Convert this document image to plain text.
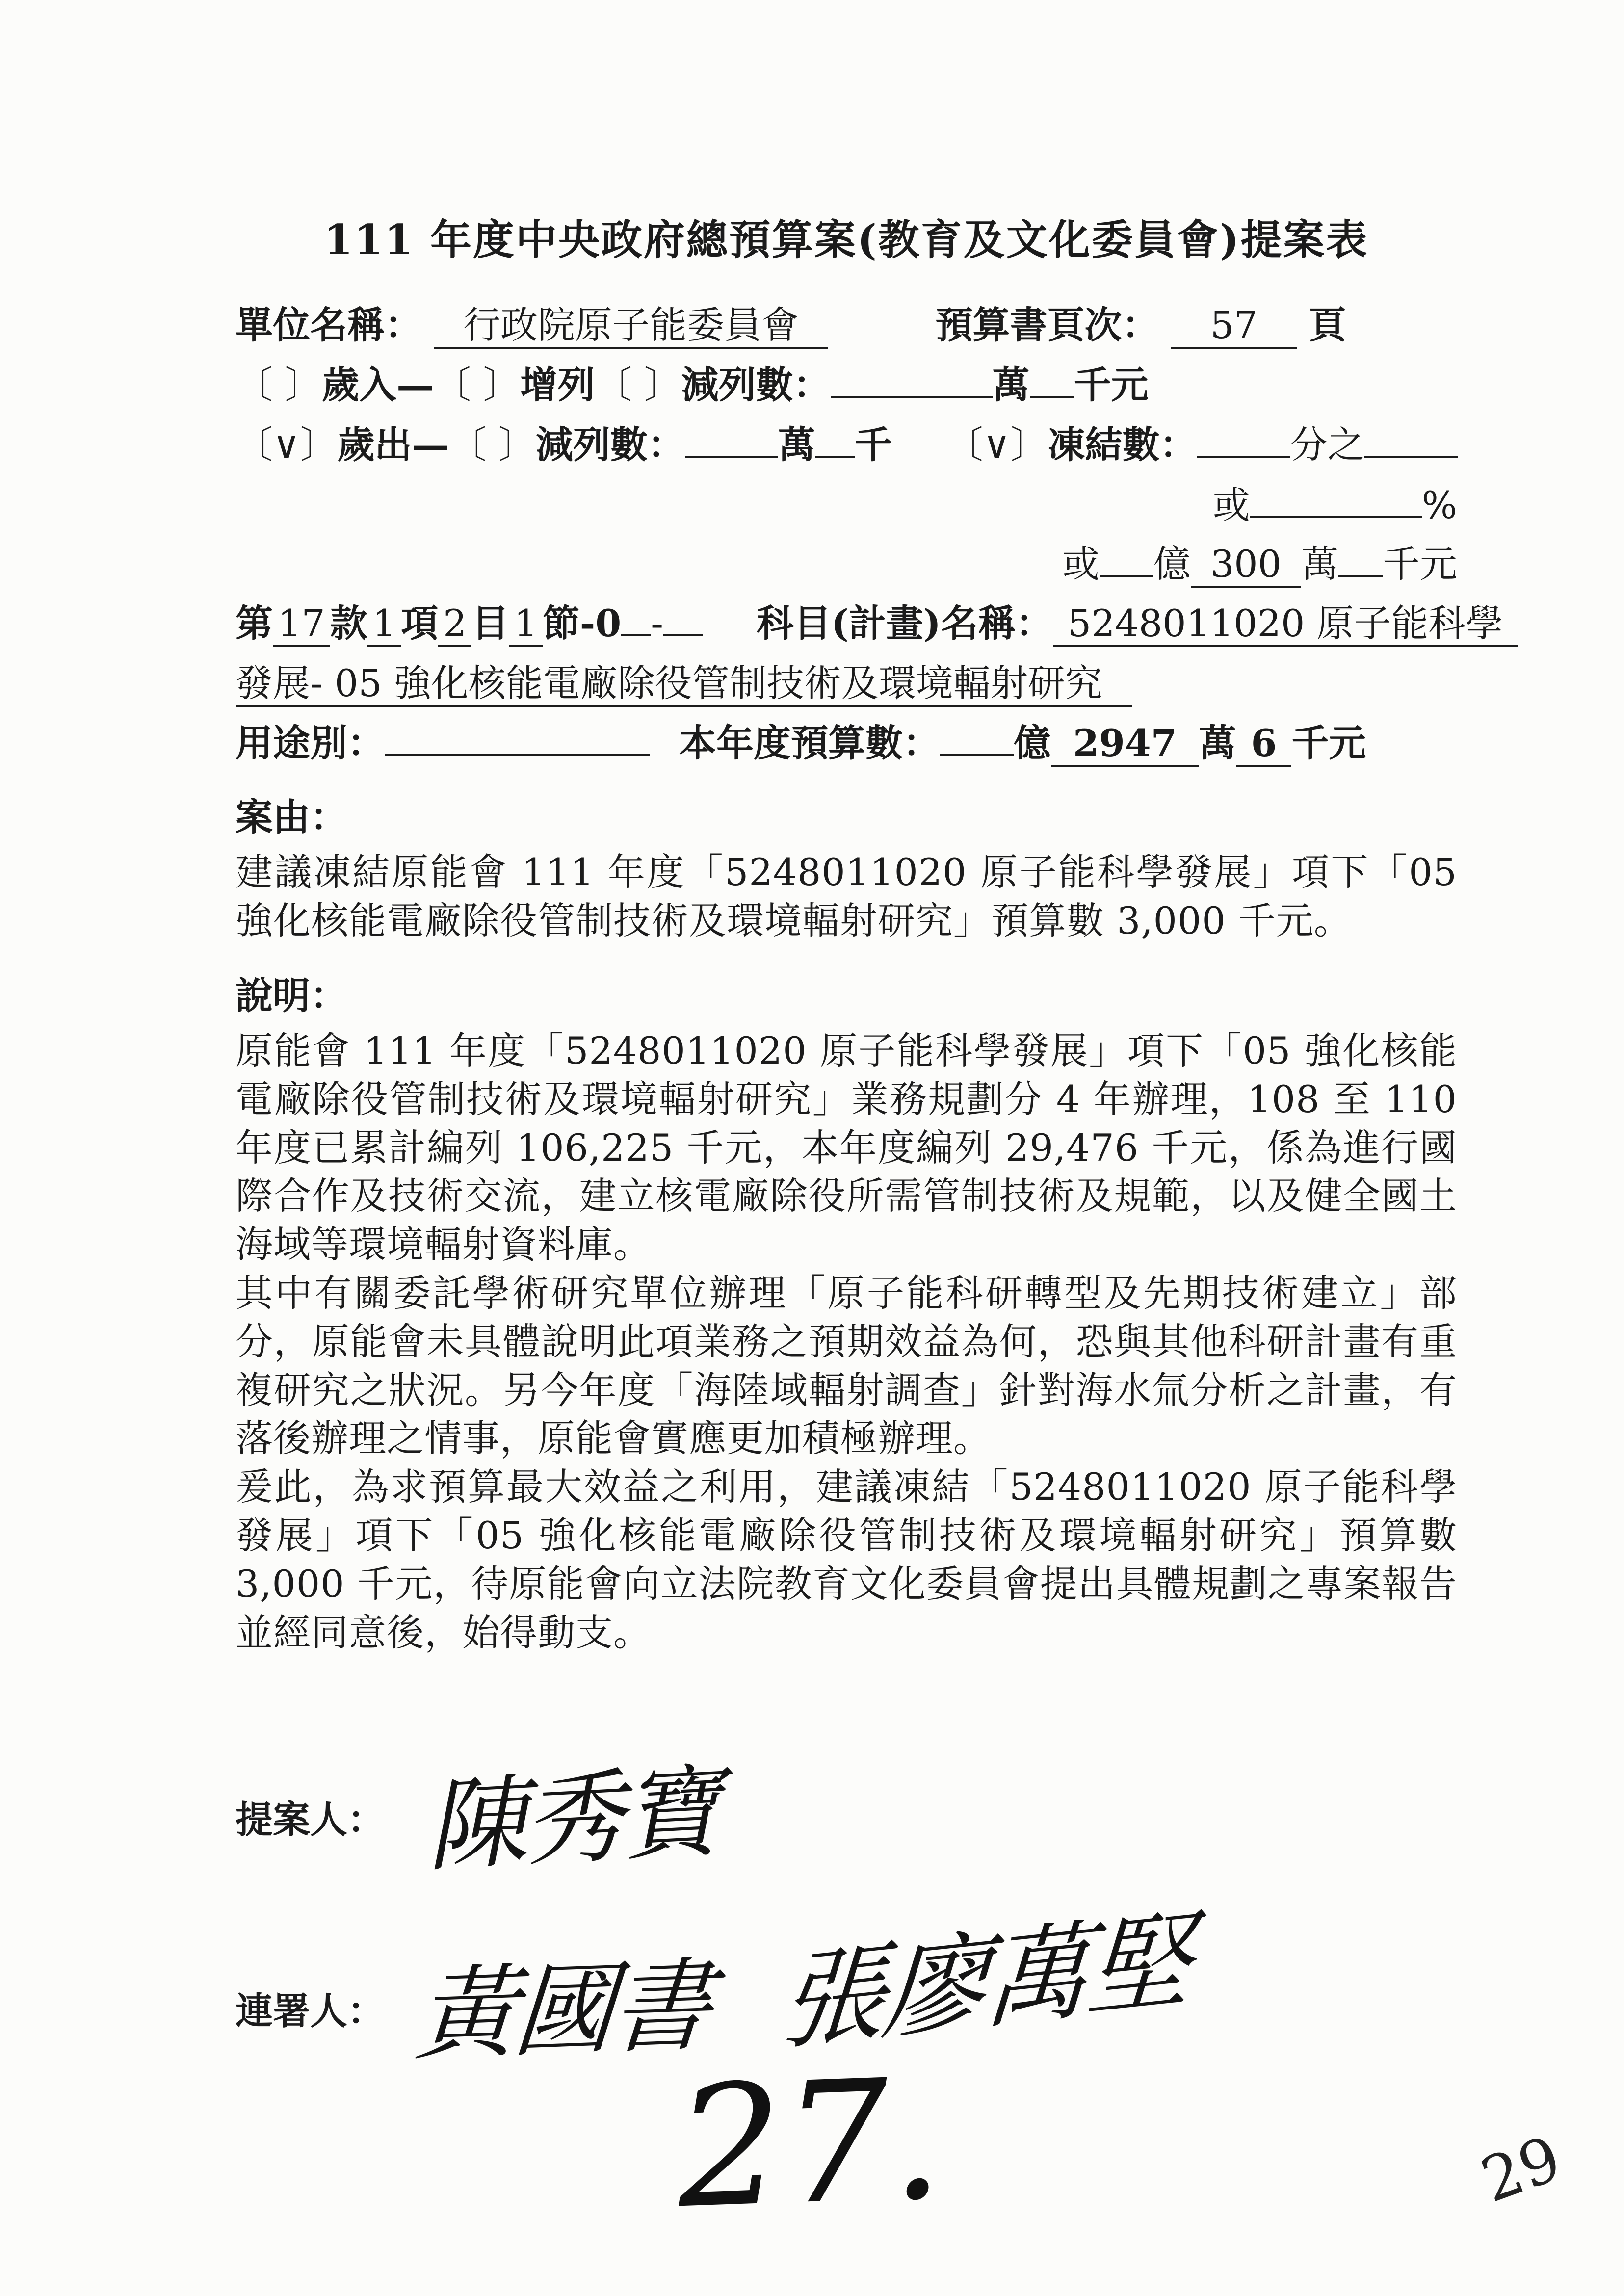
111 年度中央政府總預算案(教育及文化委員會)提案表
單位名稱： 行政院原子能委員會	預算書頁次： 57 頁
〔 〕歲入—〔 〕增列〔 〕減列數：	萬 千元
〔∨〕歲出—〔 〕減列數：	萬 千 〔∨〕凍結數：	分之
或	%
或 億 300 萬 千元
第 17 款 1 項 2 目 1 節-0 -	科目(計畫)名稱： 5248011020 原子能科學
發展- 05 強化核能電廠除役管制技術及環境輻射研究
用途別：	本年度預算數： 億 2947 萬 6 千元
案由：
建議凍結原能會 111 年度「5248011020 原子能科學發展」項下「05 強化核能電廠除役管制技術及環境輻射研究」預算數 3,000 千元。
說明：
原能會 111 年度「5248011020 原子能科學發展」項下「05 強化核能電廠除役管制技術及環境輻射研究」業務規劃分 4 年辦理，108 至 110 年度已累計編列 106,225 千元，本年度編列 29,476 千元，係為進行國際合作及技術交流，建立核電廠除役所需管制技術及規範，以及健全國土海域等環境輻射資料庫。
其中有關委託學術研究單位辦理「原子能科研轉型及先期技術建立」部分，原能會未具體說明此項業務之預期效益為何，恐與其他科研計畫有重複研究之狀況。另今年度「海陸域輻射調查」針對海水氚分析之計畫，有落後辦理之情事，原能會實應更加積極辦理。
爰此，為求預算最大效益之利用，建議凍結「5248011020 原子能科學發展」項下「05 強化核能電廠除役管制技術及環境輻射研究」預算數 3,000 千元，待原能會向立法院教育文化委員會提出具體規劃之專案報告並經同意後，始得動支。
提案人： 陳秀寶
連署人： 黃國書 張廖萬堅
27.	29
